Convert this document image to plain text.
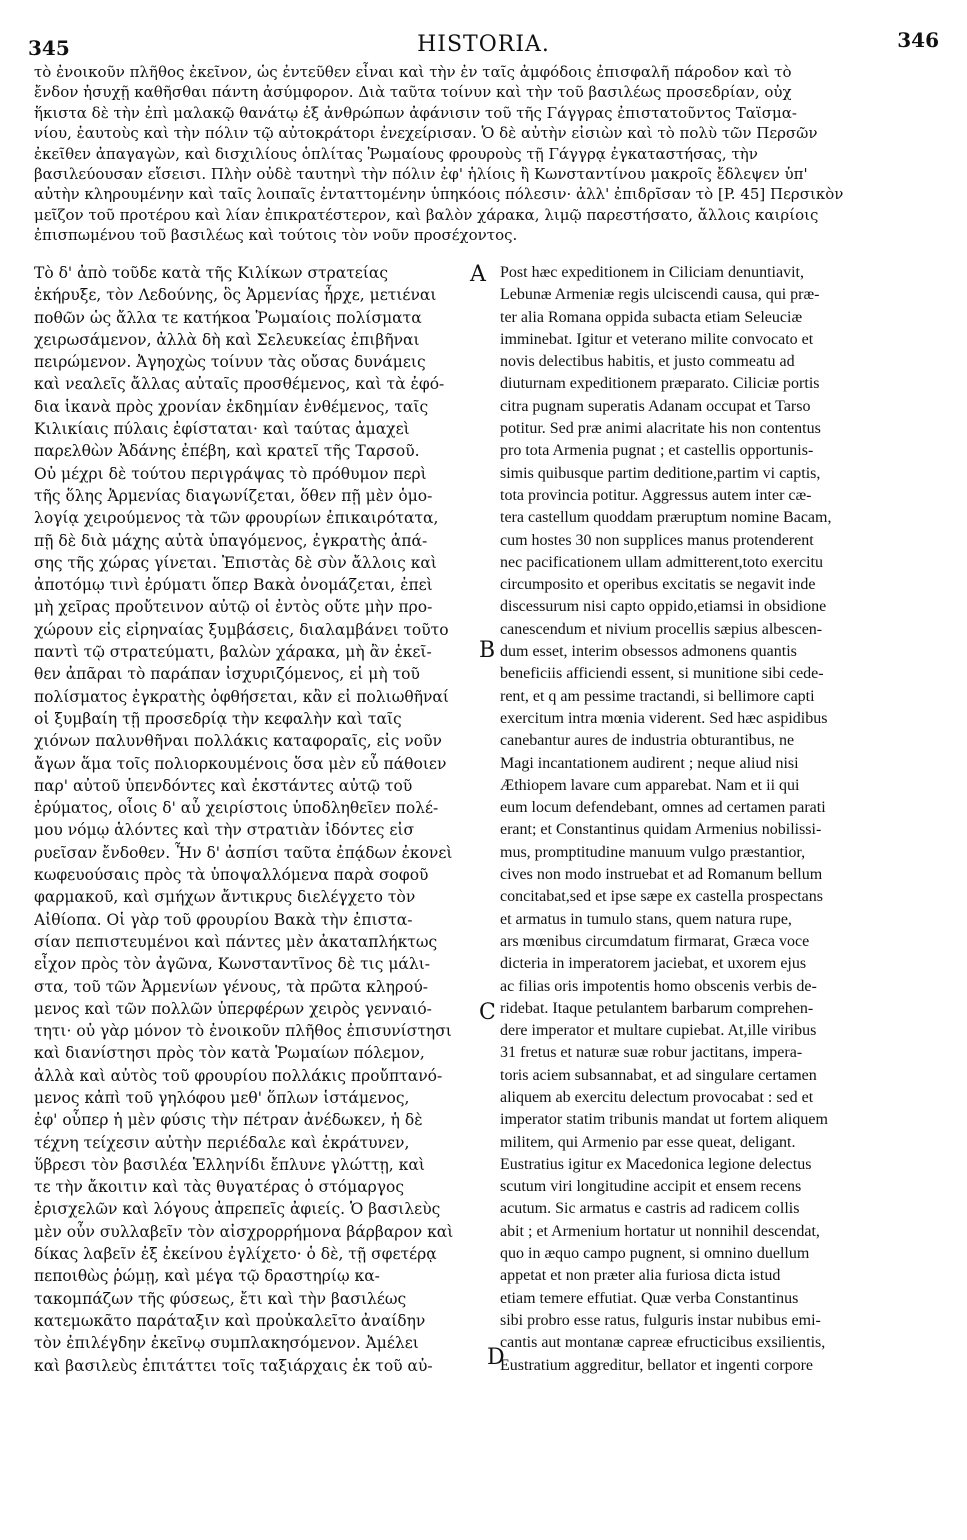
345	HISTORIA.	346
τὸ ἐνοικοῦν πλῆθος ἐκεῖνον, ὡς ἐντεῦθεν εἶναι καὶ τὴν ἐν ταῖς ἀμφόδοις ἐπισφαλῆ πάροδον καὶ τὸ
ἔνδον ἡσυχῇ καθῆσθαι πάντη ἀσύμφορον. Διὰ ταῦτα τοίνυν καὶ τὴν τοῦ βασιλέως προσεδρίαν, οὐχ
ἥκιστα δὲ τὴν ἐπὶ μαλακῷ θανάτῳ ἐξ ἀνθρώπων ἀφάνισιν τοῦ τῆς Γάγγρας ἐπιστατοῦντος Ταϊσμα-
νίου, ἑαυτοὺς καὶ τὴν πόλιν τῷ αὐτοκράτορι ἐνεχείρισαν. Ὁ δὲ αὐτὴν εἰσιὼν καὶ τὸ πολὺ τῶν Περσῶν
ἐκεῖθεν ἀπαγαγὼν, καὶ δισχιλίους ὁπλίτας Ῥωμαίους φρουροὺς τῇ Γάγγρᾳ ἐγκαταστήσας, τὴν
βασιλεύουσαν εἴσεισι. Πλὴν οὐδὲ ταυτηνὶ τὴν πόλιν ἐφ' ἡλίοις ἢ Κωνσταντίνου μακροῖς ἔδλεψεν ὑπ'
αὐτὴν κληρουμένην καὶ ταῖς λοιπαῖς ἐνταττομένην ὑπηκόοις πόλεσιν· ἀλλ' ἐπιδρῖσαν τὸ [P. 45] Περσικὸν
μεῖζον τοῦ προτέρου καὶ λίαν ἐπικρατέστερον, καὶ βαλὸν χάρακα, λιμῷ παρεστήσατο, ἄλλοις καιρίοις
ἐπισπωμένου τοῦ βασιλέως καὶ τούτοις τὸν νοῦν προσέχοντος.
Τὸ δ' ἀπὸ τοῦδε κατὰ τῆς Κιλίκων στρατείας
ἐκήρυξε, τὸν Λεδούνης, ὃς Ἀρμενίας ἦρχε, μετιέναι
ποθῶν ὡς ἄλλα τε κατήκοα Ῥωμαίοις πολίσματα
χειρωσάμενον, ἀλλὰ δὴ καὶ Σελευκείας ἐπιβῆναι
πειρώμενον. Ἀγηοχὼς τοίνυν τὰς οὔσας δυνάμεις
καὶ νεαλεῖς ἄλλας αὐταῖς προσθέμενος, καὶ τὰ ἐφό-
δια ἱκανὰ πρὸς χρονίαν ἐκδημίαν ἐνθέμενος, ταῖς
Κιλικίαις πύλαις ἐφίσταται· καὶ ταύτας ἀμαχεὶ
παρελθὼν Ἀδάνης ἐπέβη, καὶ κρατεῖ τῆς Ταρσοῦ.
Οὐ μέχρι δὲ τούτου περιγράψας τὸ πρόθυμον περὶ
τῆς ὅλης Ἀρμενίας διαγωνίζεται, ὅθεν πῇ μὲν ὁμο-
λογίᾳ χειρούμενος τὰ τῶν φρουρίων ἐπικαιρότατα,
πῇ δὲ διὰ μάχης αὐτὰ ὑπαγόμενος, ἐγκρατὴς ἁπά-
σης τῆς χώρας γίνεται. Ἐπιστὰς δὲ σὺν ἄλλοις καὶ
ἀποτόμῳ τινὶ ἐρύματι ὅπερ Βακὰ ὀνομάζεται, ἐπεὶ
μὴ χεῖρας προὔτεινον αὐτῷ οἱ ἐντὸς οὔτε μὴν προ-
χώρουν εἰς εἰρηναίας ξυμβάσεις, διαλαμβάνει τοῦτο
παντὶ τῷ στρατεύματι, βαλὼν χάρακα, μὴ ἂν ἐκεῖ-
θεν ἀπᾶραι τὸ παράπαν ἰσχυριζόμενος, εἰ μὴ τοῦ
πολίσματος ἐγκρατὴς ὀφθήσεται, κἂν εἰ πολιωθῆναί
οἱ ξυμβαίη τῇ προσεδρίᾳ τὴν κεφαλὴν καὶ ταῖς
χιόνων παλυνθῆναι πολλάκις καταφοραῖς, εἰς νοῦν
ἄγων ἅμα τοῖς πολιορκουμένοις ὅσα μὲν εὖ πάθοιεν
παρ' αὐτοῦ ὑπενδόντες καὶ ἐκστάντες αὐτῷ τοῦ
ἐρύματος, οἷοις δ' αὖ χειρίστοις ὑποδληθεῖεν πολέ-
μου νόμῳ ἁλόντες καὶ τὴν στρατιὰν ἰδόντες εἰσ
ρυεῖσαν ἔνδοθεν. Ἦν δ' ἀσπίσι ταῦτα ἐπᾴδων ἐκονεὶ
κωφευούσαις πρὸς τὰ ὑποψαλλόμενα παρὰ σοφοῦ
φαρμακοῦ, καὶ σμήχων ἄντικρυς διελέγχετο τὸν
Αἰθίοπα. Οἱ γὰρ τοῦ φρουρίου Βακὰ τὴν ἐπιστα-
σίαν πεπιστευμένοι καὶ πάντες μὲν ἀκαταπλήκτως
εἶχον πρὸς τὸν ἀγῶνα, Κωνσταντῖνος δὲ τις μάλι-
στα, τοῦ τῶν Ἀρμενίων γένους, τὰ πρῶτα κληρού-
μενος καὶ τῶν πολλῶν ὑπερφέρων χειρὸς γενναιό-
τητι· οὐ γὰρ μόνον τὸ ἐνοικοῦν πλῆθος ἐπισυνίστησι
καὶ διανίστησι πρὸς τὸν κατὰ Ῥωμαίων πόλεμον,
ἀλλὰ καὶ αὐτὸς τοῦ φρουρίου πολλάκις προὔπτανό-
μενος κἀπὶ τοῦ γηλόφου μεθ' ὅπλων ἱστάμενος,
ἐφ' οὗπερ ἡ μὲν φύσις τὴν πέτραν ἀνέδωκεν, ἡ δὲ
τέχνη τείχεσιν αὐτὴν περιέδαλε καὶ ἐκράτυνεν,
ὕβρεσι τὸν βασιλέα Ἑλληνίδι ἔπλυνε γλώττῃ, καὶ
τε τὴν ἄκοιτιν καὶ τὰς θυγατέρας ὁ στόμαργος
ἐρισχελῶν καὶ λόγους ἀπρεπεῖς ἀφιείς. Ὁ βασιλεὺς
μὲν οὖν συλλαβεῖν τὸν αἰσχρορρήμονα βάρβαρον καὶ
δίκας λαβεῖν ἐξ ἐκείνου ἐγλίχετο· ὁ δὲ, τῇ σφετέρᾳ
πεποιθὼς ῥώμῃ, καὶ μέγα τῷ δραστηρίῳ κα-
τακομπάζων τῆς φύσεως, ἔτι καὶ τὴν βασιλέως
κατεμωκᾶτο παράταξιν καὶ προὐκαλεῖτο ἀναίδην
τὸν ἐπιλέγδην ἐκεῖνῳ συμπλακησόμενον. Ἀμέλει
καὶ βασιλεὺς ἐπιτάττει τοῖς ταξιάρχαις ἐκ τοῦ αὐ-
Post hæc expeditionem in Ciliciam denuntiavit,
Lebunæ Armeniæ regis ulciscendi causa, qui præ-
ter alia Romana oppida subacta etiam Seleuciæ
imminebat. Igitur et veterano milite convocato et
novis delectibus habitis, et justo commeatu ad
diuturnam expeditionem præparato. Ciliciæ portis
citra pugnam superatis Adanam occupat et Tarso
potitur. Sed præ animi alacritate his non contentus
pro tota Armenia pugnat ; et castellis opportunis-
simis quibusque partim deditione,partim vi captis,
tota provincia potitur. Aggressus autem inter cæ-
tera castellum quoddam præruptum nomine Bacam,
cum hostes 30 non supplices manus protenderent
nec pacificationem ullam admitterent,toto exercitu
circumposito et operibus excitatis se negavit inde
discessurum nisi capto oppido,etiamsi in obsidione
canescendum et nivium procellis sæpius albescen-
dum esset, interim obsessos admonens quantis
beneficiis afficiendi essent, si munitione sibi cede-
rent, et q am pessime tractandi, si bellimore capti
exercitum intra mœnia viderent. Sed hæc aspidibus
canebantur aures de industria obturantibus, ne
Magi incantationem audirent ; neque aliud nisi
Æthiopem lavare cum apparebat. Nam et ii qui
eum locum defendebant, omnes ad certamen parati
erant; et Constantinus quidam Armenius nobilissi-
mus, promptitudine manuum vulgo præstantior,
cives non modo instruebat et ad Romanum bellum
concitabat,sed et ipse sæpe ex castella prospectans
et armatus in tumulo stans, quem natura rupe,
ars mœnibus circumdatum firmarat, Græca voce
dicteria in imperatorem jaciebat, et uxorem ejus
ac filias oris impotentis homo obscenis verbis de-
ridebat. Itaque petulantem barbarum comprehen-
dere imperator et multare cupiebat. At,ille viribus
31 fretus et naturæ suæ robur jactitans, impera-
toris aciem subsannabat, et ad singulare certamen
aliquem ab exercitu delectum provocabat : sed et
imperator statim tribunis mandat ut fortem aliquem
militem, qui Armenio par esse queat, deligant.
Eustratius igitur ex Macedonica legione delectus
scutum viri longitudine accipit et ensem recens
acutum. Sic armatus e castris ad radicem collis
abit ; et Armenium hortatur ut nonnihil descendat,
quo in æquo campo pugnent, si omnino duellum
appetat et non præter alia furiosa dicta istud
etiam temere effutiat. Quæ verba Constantinus
sibi probro esse ratus, fulguris instar nubibus emi-
cantis aut montanæ capreæ efructicibus exsilientis,
Eustratium aggreditur, bellator et ingenti corpore
A
B
C
D
